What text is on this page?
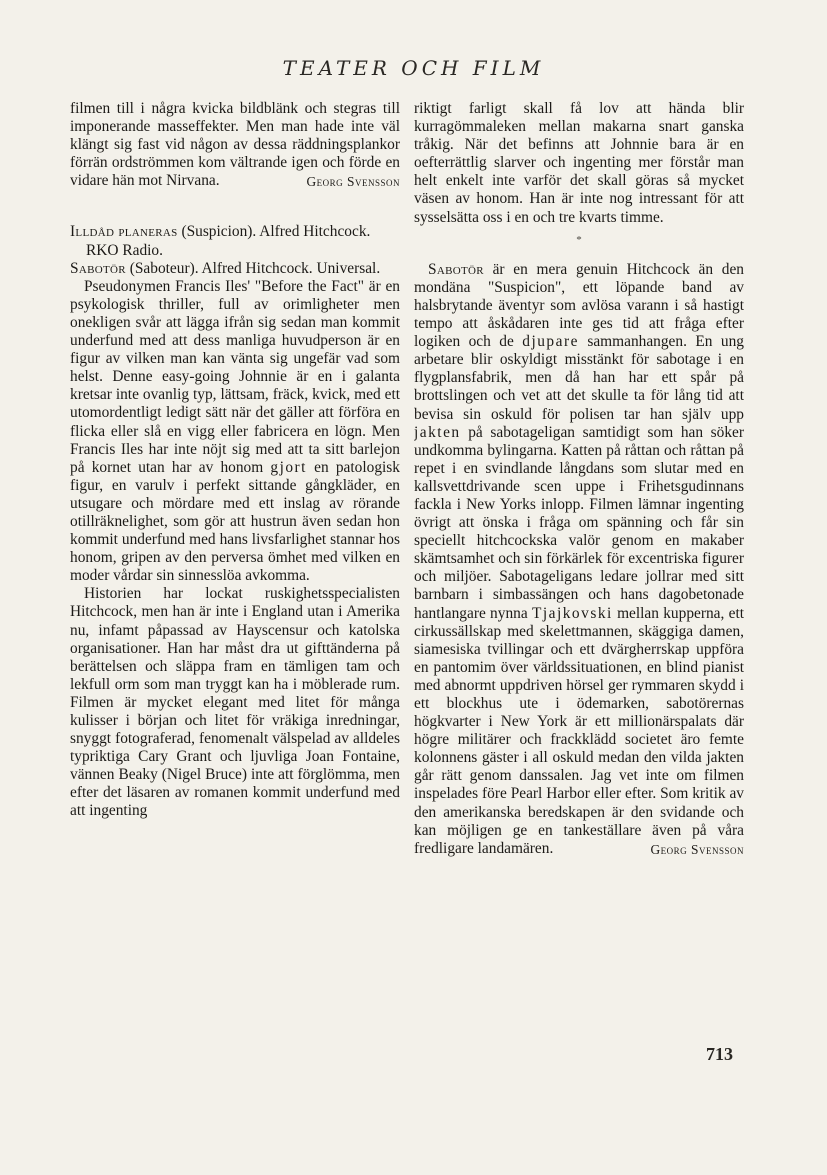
TEATER OCH FILM

filmen till i några kvicka bildblänk och stegras till imponerande masseffekter. Men man hade inte väl klängt sig fast vid någon av dessa räddningsplankor förrän ordströmmen kom vältrande igen och förde en vidare hän mot Nirvana.	Georg Svensson

Illdåd planeras (Suspicion). Alfred Hitchcock. RKO Radio.

Sabotör (Saboteur). Alfred Hitchcock. Universal.

Pseudonymen Francis Iles' "Before the Fact" är en psykologisk thriller, full av orimligheter men onekligen svår att lägga ifrån sig sedan man kommit underfund med att dess manliga huvudperson är en figur av vilken man kan vänta sig ungefär vad som helst. Denne easy-going Johnnie är en i galanta kretsar inte ovanlig typ, lättsam, fräck, kvick, med ett utomordentligt ledigt sätt när det gäller att förföra en flicka eller slå en vigg eller fabricera en lögn. Men Francis Iles har inte nöjt sig med att ta sitt barlejon på kornet utan har av honom gjort en patologisk figur, en varulv i perfekt sittande gångkläder, en utsugare och mördare med ett inslag av rörande otillräknelighet, som gör att hustrun även sedan hon kommit underfund med hans livsfarlighet stannar hos honom, gripen av den perversa ömhet med vilken en moder vårdar sin sinnesslöa avkomma.

Historien har lockat ruskighetsspecialisten Hitchcock, men han är inte i England utan i Amerika nu, infamt påpassad av Hayscensur och katolska organisationer. Han har måst dra ut gifttänderna på berättelsen och släppa fram en tämligen tam och lekfull orm som man tryggt kan ha i möblerade rum. Filmen är mycket elegant med litet för många kulisser i början och litet för vräkiga inredningar, snyggt fotograferad, fenomenalt välspelad av alldeles typriktiga Cary Grant och ljuvliga Joan Fontaine, vännen Beaky (Nigel Bruce) inte att förglömma, men efter det läsaren av romanen kommit underfund med att ingenting

riktigt farligt skall få lov att hända blir kurragömmaleken mellan makarna snart ganska tråkig. När det befinns att Johnnie bara är en oefterrättlig slarver och ingenting mer förstår man helt enkelt inte varför det skall göras så mycket väsen av honom. Han är inte nog intressant för att sysselsätta oss i en och tre kvarts timme.

*

Sabotör är en mera genuin Hitchcock än den mondäna "Suspicion", ett löpande band av halsbrytande äventyr som avlösa varann i så hastigt tempo att åskådaren inte ges tid att fråga efter logiken och de djupare sammanhangen. En ung arbetare blir oskyldigt misstänkt för sabotage i en flygplansfabrik, men då han har ett spår på brottslingen och vet att det skulle ta för lång tid att bevisa sin oskuld för polisen tar han själv upp jakten på sabotageligan samtidigt som han söker undkomma bylingarna. Katten på råttan och råttan på repet i en svindlande långdans som slutar med en kallsvettdrivande scen uppe i Frihetsgudinnans fackla i New Yorks inlopp. Filmen lämnar ingenting övrigt att önska i fråga om spänning och får sin speciellt hitchcockska valör genom en makaber skämtsamhet och sin förkärlek för excentriska figurer och miljöer. Sabotageligans ledare jollrar med sitt barnbarn i simbassängen och hans dagobetonade hantlangare nynna Tjajkovski mellan kupperna, ett cirkussällskap med skelettmannen, skäggiga damen, siamesiska tvillingar och ett dvärgherrskap uppföra en pantomim över världssituationen, en blind pianist med abnormt uppdriven hörsel ger rymmaren skydd i ett blockhus ute i ödemarken, sabotörernas högkvarter i New York är ett millionärspalats där högre militärer och frackklädd societet äro femte kolonnens gäster i all oskuld medan den vilda jakten går rätt genom danssalen. Jag vet inte om filmen inspelades före Pearl Harbor eller efter. Som kritik av den amerikanska beredskapen är den svidande och kan möjligen ge en tankeställare även på våra fredligare landamären.	Georg Svensson

713
